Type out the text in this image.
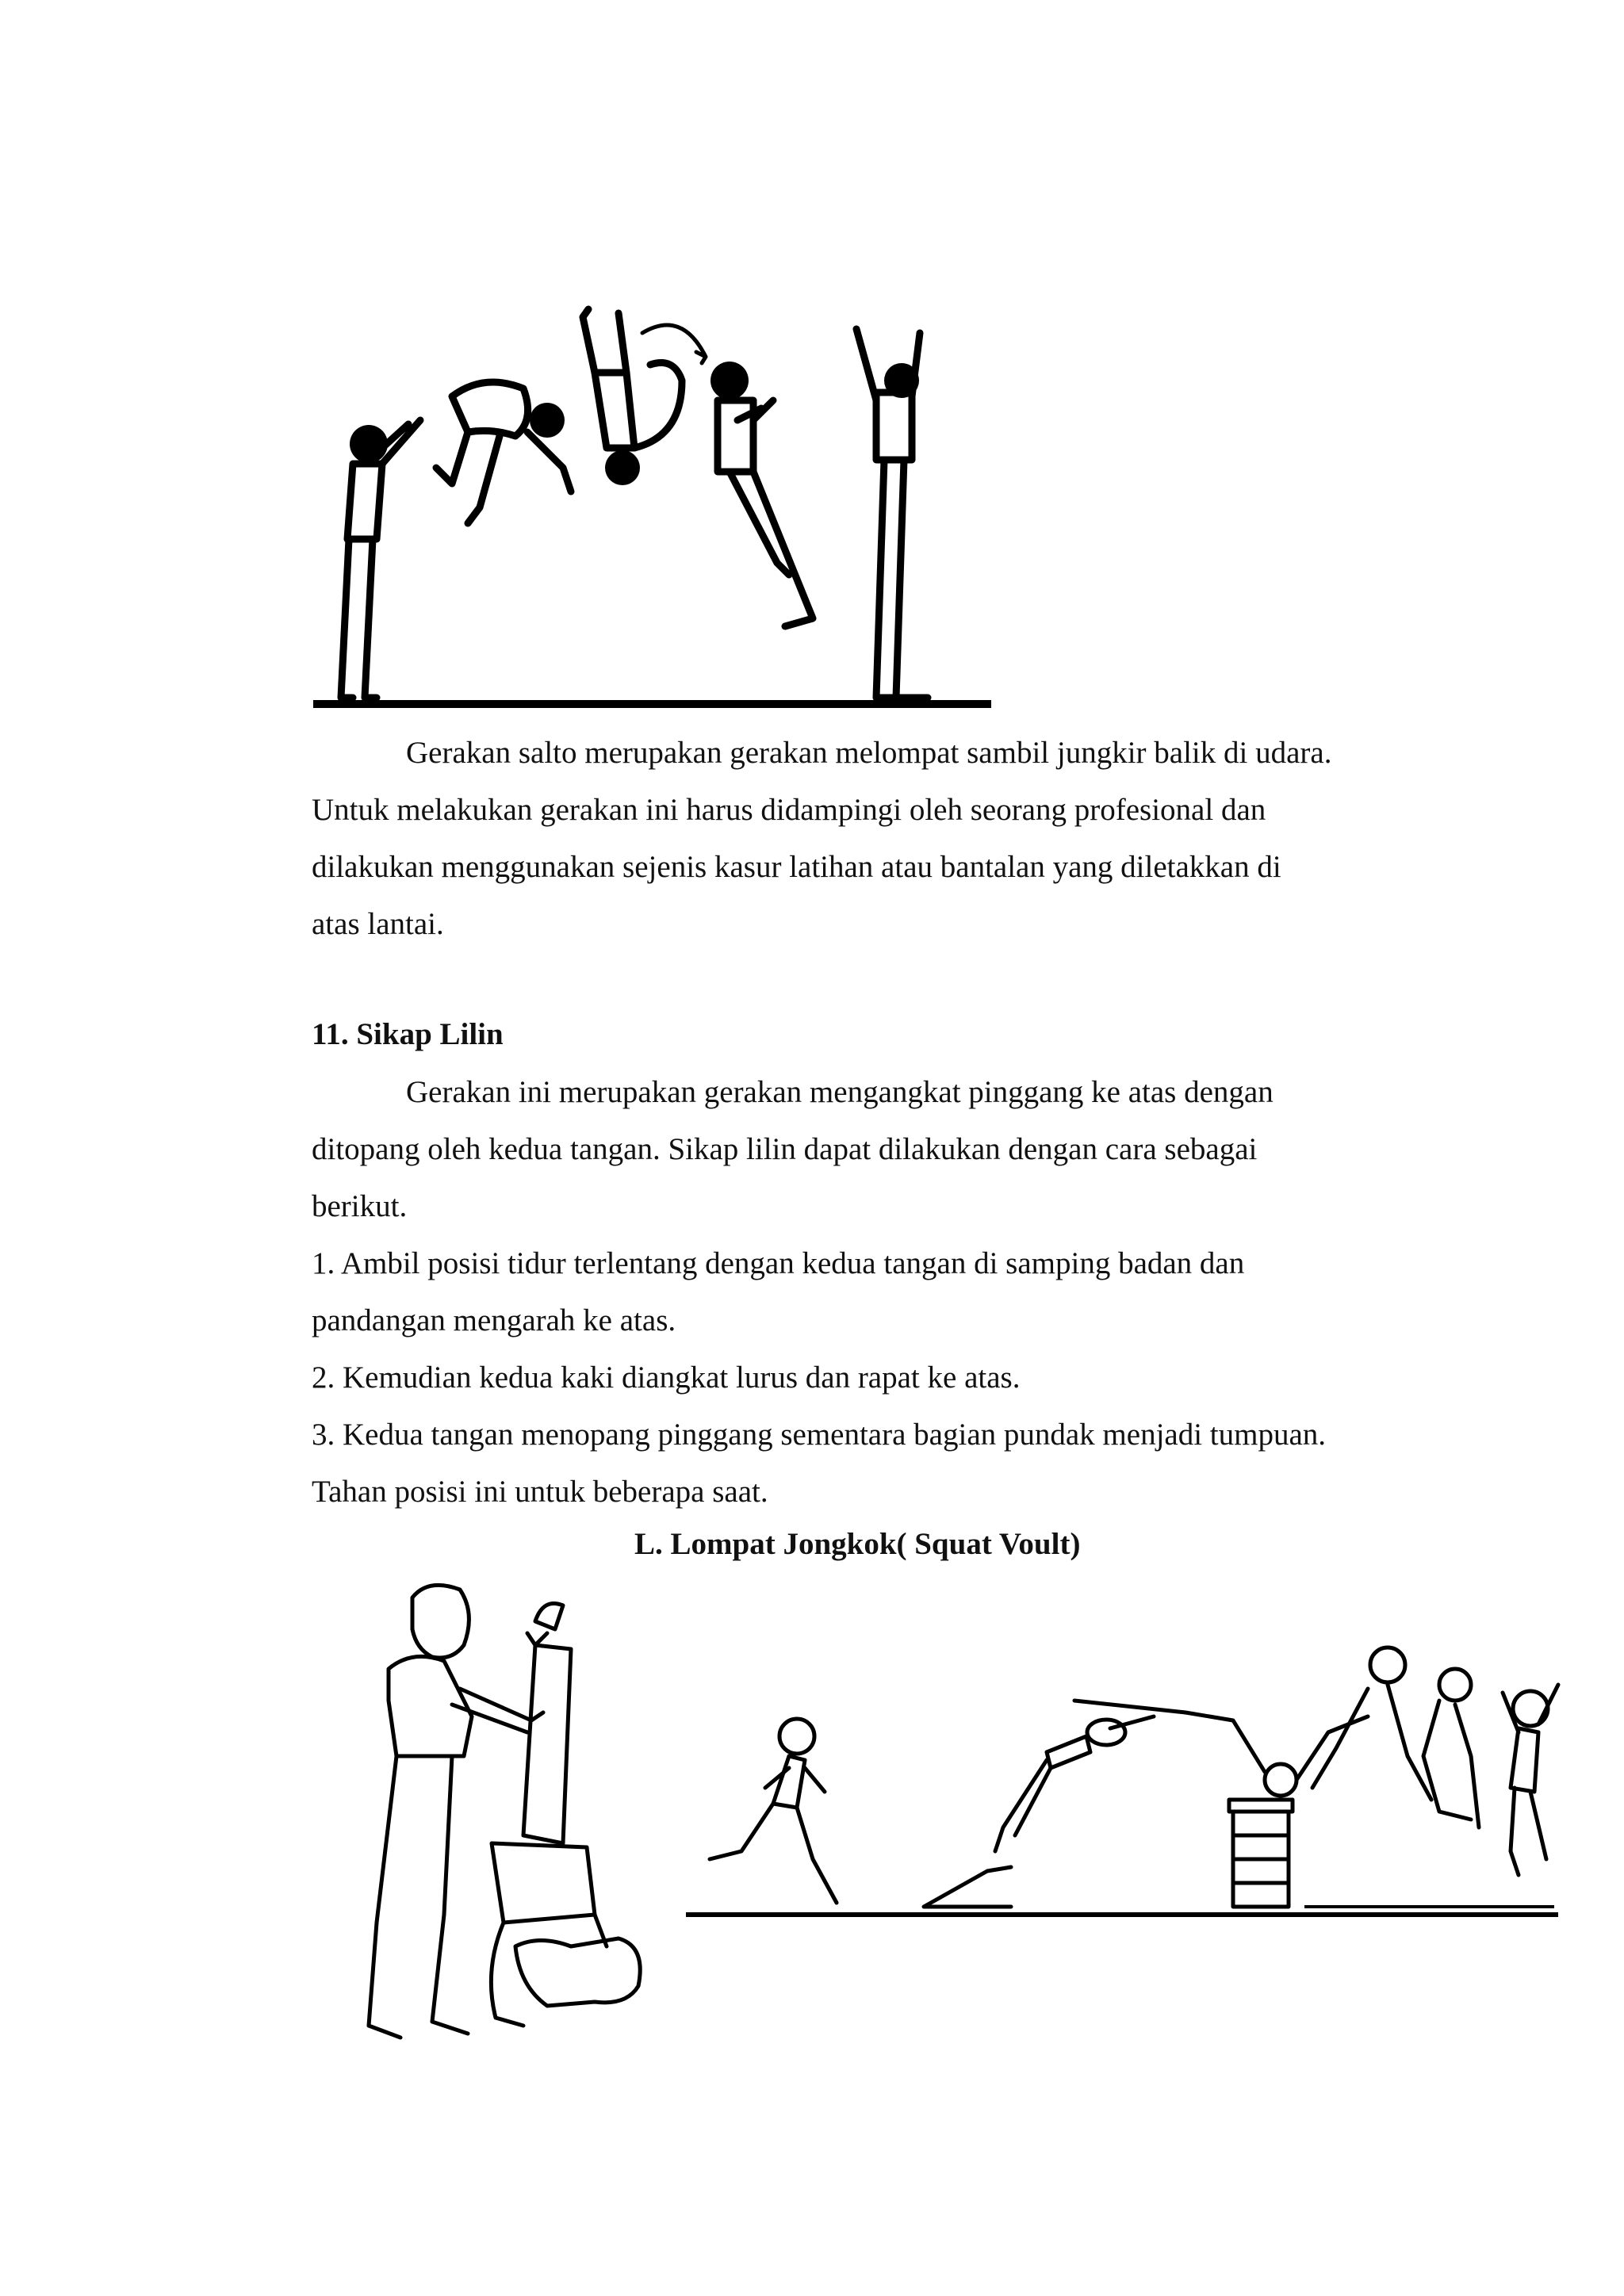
Gerakan salto merupakan gerakan melompat sambil jungkir balik di udara.
Untuk melakukan gerakan ini harus didampingi oleh seorang profesional dan
dilakukan menggunakan sejenis kasur latihan atau bantalan yang diletakkan di
atas lantai.
11. Sikap Lilin
Gerakan ini merupakan gerakan mengangkat pinggang ke atas dengan
ditopang oleh kedua tangan. Sikap lilin dapat dilakukan dengan cara sebagai
berikut.
1. Ambil posisi tidur terlentang dengan kedua tangan di samping badan dan
pandangan mengarah ke atas.
2. Kemudian kedua kaki diangkat lurus dan rapat ke atas.
3. Kedua tangan menopang pinggang sementara bagian pundak menjadi tumpuan.
Tahan posisi ini untuk beberapa saat.
L. Lompat Jongkok( Squat Voult)
